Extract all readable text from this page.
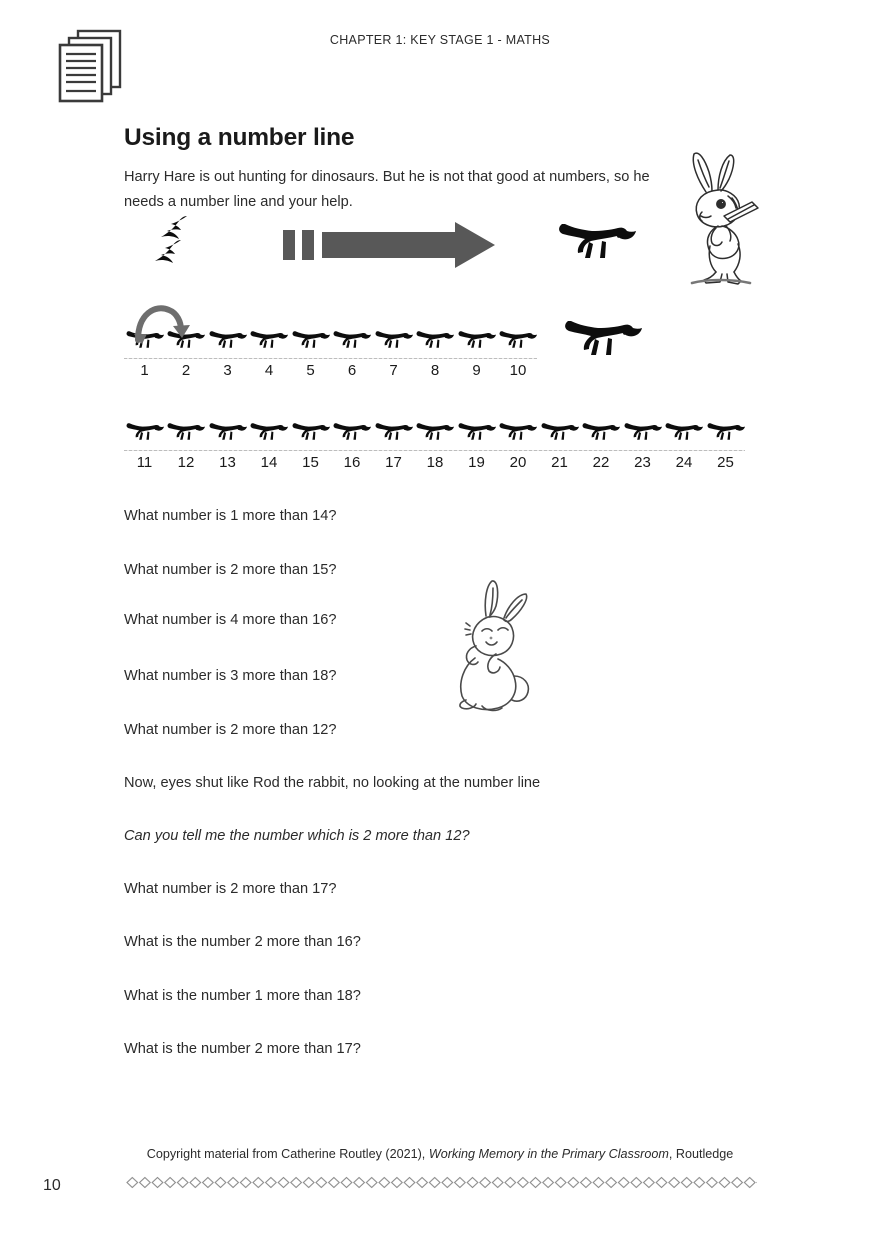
CHAPTER 1: KEY STAGE 1 - MATHS
Using a number line

Harry Hare is out hunting for dinosaurs. But he is not that good at numbers, so he needs a number line and your help.

1	2	3	4	5	6	7	8	9	10
11	12	13	14	15	16	17	18	19	20	21	22	23	24	25
What number is 1 more than 14?
What number is 2 more than 15?
What number is 4 more than 16?
What number is 3 more than 18?
What number is 2 more than 12?
Now, eyes shut like Rod the rabbit, no looking at the number line
Can you tell me the number which is 2 more than 12?
What number is 2 more than 17?
What is the number 2 more than 16?
What is the number 1 more than 18?
What is the number 2 more than 17?
Copyright material from Catherine Routley (2021), Working Memory in the Primary Classroom, Routledge
10
